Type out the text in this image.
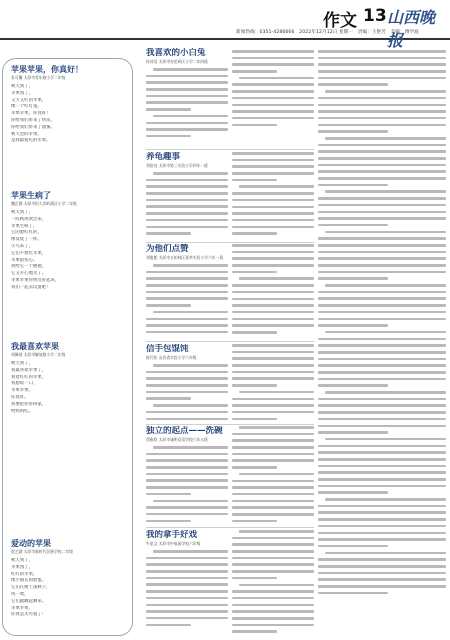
作文 13 山西晚报
新闻热线：0351-4286666　2022年12月12日 星期一　责编：王艳芳　美编：傅学波
苹果苹果，你真好！
张可馨 太原市青年路小学二年级
秋天到了，
苹果熟了，
又大又红的苹果，
像一个红灯笼。
苹果苹果，你真好！
你给我们带来了快乐，
你给我们带来了甜蜜。
秋天里的苹果，
是我最爱吃的水果。
苹果生病了
魏芷涵 太原市恒大洋岭溪区小学二年级
秋天到了，
一阵秋风吹过来，
苹果生病了，
它的脸红红的，
像发烧了一样。
小鸟来了，
它们不想吃苹果，
苹果很伤心。
我给它一个拥抱，
它又开心地笑了。
苹果苹果你快点好起来，
我们一起去玩耍吧！
我最喜欢苹果
胡佩瑶 太原市解放路小学二年级
秋天到了，
我最喜欢苹果了，
看着红红的苹果，
我想咬一口，
苹果苹果，
你真好。
我要把你带回家，
给妈妈吃。
爱动的苹果
贾艺涵 太原市新时代民族学校二年级
秋天到了，
苹果熟了，
红红的苹果，
像小朋友的脸蛋。
它们在树上荡秋千，
风一吹，
它们就跳起舞来。
苹果苹果，
你真是太可爱了！
我喜欢的小白兔
孙沐语 太原市杏花岭区小学二年四班
养龟趣事
刘宸亮 太原市第三实验小学四年一班
为他们点赞
刘俊熙 太原市万柏林区嘉华实验小学六年一班
信手包馄饨
陈代钦 山西省实验小学六年级
独立的起点——洗碗
蔡雅欣 太原市诚明双语学校六年五班
我的拿手好戏
牛思文 太原市中福园学校六年级
